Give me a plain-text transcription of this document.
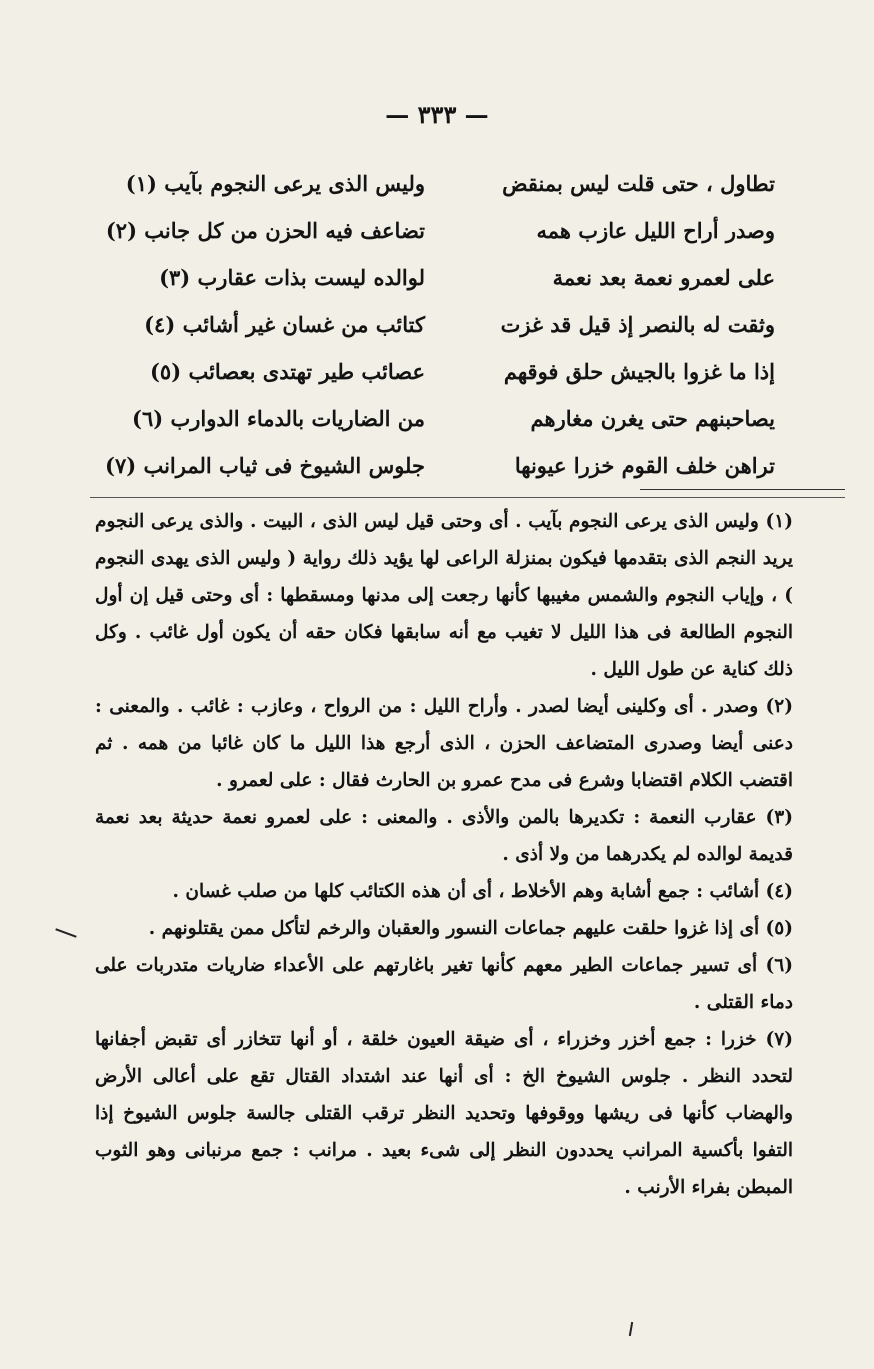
— ٣٣٣ —
تطاول ، حتى قلت ليس بمنقض
وليس الذى يرعى النجوم بآيب (١)
وصدر أراح الليل عازب همه
تضاعف فيه الحزن من كل جانب (٢)
على لعمرو نعمة بعد نعمة
لوالده ليست بذات عقارب (٣)
وثقت له بالنصر إذ قيل قد غزت
كتائب من غسان غير أشائب (٤)
إذا ما غزوا بالجيش حلق فوقهم
عصائب طير تهتدى بعصائب (٥)
يصاحبنهم حتى يغرن مغارهم
من الضاريات بالدماء الدوارب (٦)
تراهن خلف القوم خزرا عيونها
جلوس الشيوخ فى ثياب المرانب (٧)

(١) وليس الذى يرعى النجوم بآيب . أى وحتى قيل ليس الذى ، البيت . والذى يرعى النجوم يريد النجم الذى بتقدمها فيكون بمنزلة الراعى لها يؤيد ذلك رواية ( وليس الذى يهدى النجوم ) ، وإياب النجوم والشمس مغيبها كأنها رجعت إلى مدنها ومسقطها : أى وحتى قيل إن أول النجوم الطالعة فى هذا الليل لا تغيب مع أنه سابقها فكان حقه أن يكون أول غائب . وكل ذلك كناية عن طول الليل .

(٢) وصدر . أى وكلينى أيضا لصدر . وأراح الليل : من الرواح ، وعازب : غائب . والمعنى : دعنى أيضا وصدرى المتضاعف الحزن ، الذى أرجع هذا الليل ما كان غائبا من همه . ثم اقتضب الكلام اقتضابا وشرع فى مدح عمرو بن الحارث فقال : على لعمرو .

(٣) عقارب النعمة : تكديرها بالمن والأذى . والمعنى : على لعمرو نعمة حديثة بعد نعمة قديمة لوالده لم يكدرهما من ولا أذى .

(٤) أشائب : جمع أشابة وهم الأخلاط ، أى أن هذه الكتائب كلها من صلب غسان .

(٥) أى إذا غزوا حلقت عليهم جماعات النسور والعقبان والرخم لتأكل ممن يقتلونهم .

(٦) أى تسير جماعات الطير معهم كأنها تغير باغارتهم على الأعداء ضاريات متدربات على دماء القتلى .

(٧) خزرا : جمع أخزر وخزراء ، أى ضيقة العيون خلقة ، أو أنها تتخازر أى تقبض أجفانها لتحدد النظر . جلوس الشيوخ الخ : أى أنها عند اشتداد القتال تقع على أعالى الأرض والهضاب كأنها فى ريشها ووقوفها وتحديد النظر ترقب القتلى جالسة جلوس الشيوخ إذا التفوا بأكسية المرانب يحددون النظر إلى شىء بعيد . مرانب : جمع مرنبانى وهو الثوب المبطن بفراء الأرنب .
